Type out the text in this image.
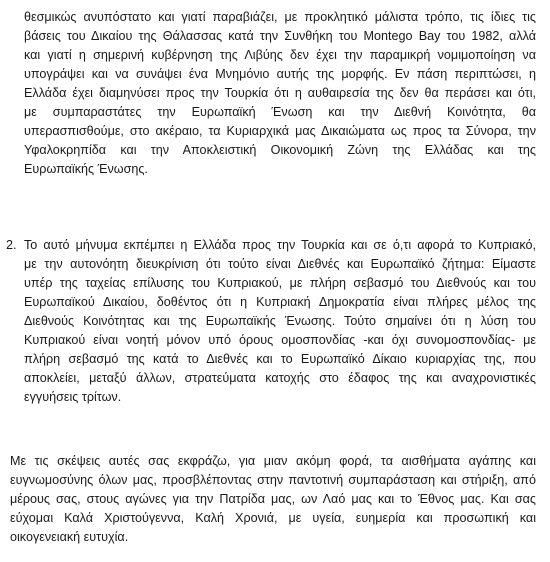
θεσμικώς ανυπόστατο και γιατί παραβιάζει, με προκλητικό μάλιστα τρόπο, τις ίδιες τις
βάσεις του Δικαίου της Θάλασσας κατά την Συνθήκη του Montego Bay του 1982, αλλά
και γιατί η σημερινή κυβέρνηση της Λιβύης δεν έχει την παραμικρή νομιμοποίηση να
υπογράψει και να συνάψει ένα Μνημόνιο αυτής της μορφής. Εν πάση περιπτώσει, η
Ελλάδα έχει διαμηνύσει προς την Τουρκία ότι η αυθαιρεσία της δεν θα περάσει και ότι,
με συμπαραστάτες την Ευρωπαϊκή Ένωση και την Διεθνή Κοινότητα, θα
υπερασπισθούμε, στο ακέραιο, τα Κυριαρχικά μας Δικαιώματα ως προς τα Σύνορα, την
Υφαλοκρηπίδα και την Αποκλειστική Οικονομική Ζώνη της Ελλάδας και της
Ευρωπαϊκής Ένωσης.

2. Το αυτό μήνυμα εκπέμπει η Ελλάδα προς την Τουρκία και σε ό,τι αφορά το Κυπριακό,
με την αυτονόητη διευκρίνιση ότι τούτο είναι Διεθνές και Ευρωπαϊκό ζήτημα: Είμαστε
υπέρ της ταχείας επίλυσης του Κυπριακού, με πλήρη σεβασμό του Διεθνούς και του
Ευρωπαϊκού Δικαίου, δοθέντος ότι η Κυπριακή Δημοκρατία είναι πλήρες μέλος της
Διεθνούς Κοινότητας και της Ευρωπαϊκής Ένωσης. Τούτο σημαίνει ότι η λύση του
Κυπριακού είναι νοητή μόνον υπό όρους ομοσπονδίας -και όχι συνομοσπονδίας- με
πλήρη σεβασμό της κατά το Διεθνές και το Ευρωπαϊκό Δίκαιο κυριαρχίας της, που
αποκλείει, μεταξύ άλλων, στρατεύματα κατοχής στο έδαφος της και αναχρονιστικές
εγγυήσεις τρίτων.

Με τις σκέψεις αυτές σας εκφράζω, για μιαν ακόμη φορά, τα αισθήματα αγάπης και
ευγνωμοσύνης όλων μας, προσβλέποντας στην παντοτινή συμπαράσταση και στήριξη, από
μέρους σας, στους αγώνες για την Πατρίδα μας, ων Λαό μας και το Έθνος μας. Και σας
εύχομαι Καλά Χριστούγεννα, Καλή Χρονιά, με υγεία, ευημερία και προσωπική και
οικογενειακή ευτυχία.
